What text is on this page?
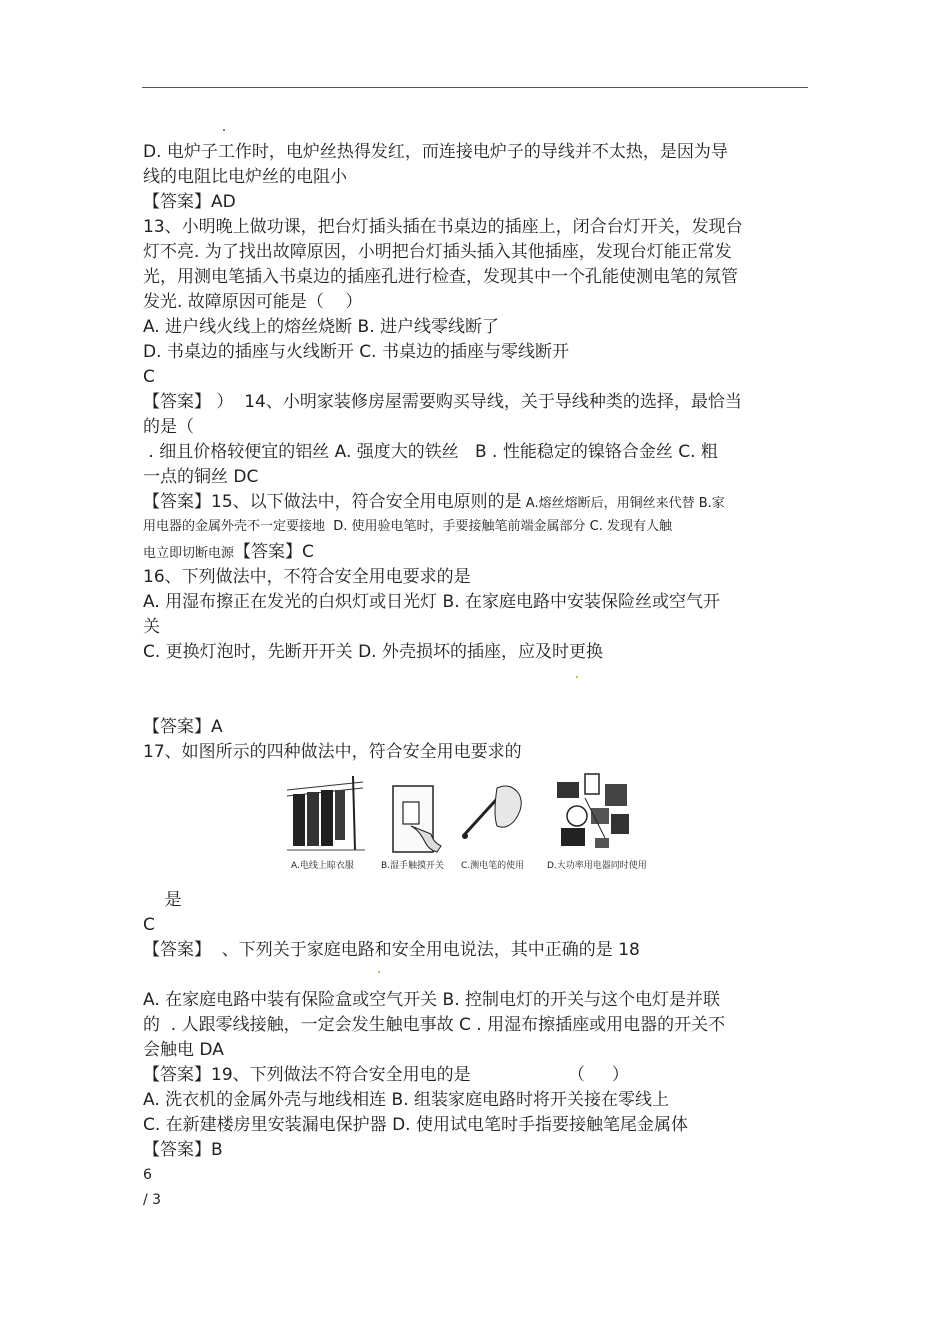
D. 电炉子工作时，电炉丝热得发红，而连接电炉子的导线并不太热，是因为导
线的电阻比电炉丝的电阻小
【答案】AD
13、小明晚上做功课，把台灯插头插在书桌边的插座上，闭合台灯开关，发现台
灯不亮. 为了找出故障原因，小明把台灯插头插入其他插座，发现台灯能正常发
光，用测电笔插入书桌边的插座孔进行检查，发现其中一个孔能使测电笔的氖管
发光. 故障原因可能是（    ）
A. 进户线火线上的熔丝烧断 B. 进户线零线断了
D. 书桌边的插座与火线断开 C. 书桌边的插座与零线断开
C
【答案】 ）  14、小明家装修房屋需要购买导线，关于导线种类的选择，最恰当
的是（
. 细且价格较便宜的铝丝 A. 强度大的铁丝   B . 性能稳定的镍铬合金丝 C. 粗
一点的铜丝 DC
【答案】15、以下做法中，符合安全用电原则的是 A.熔丝熔断后，用铜丝来代替 B.家
用电器的金属外壳不一定要接地  D. 使用验电笔时，手要接触笔前端金属部分 C. 发现有人触
电立即切断电源【答案】C
16、下列做法中，不符合安全用电要求的是
A. 用湿布擦正在发光的白炽灯或日光灯 B. 在家庭电路中安装保险丝或空气开
关
C. 更换灯泡时，先断开开关 D. 外壳损坏的插座，应及时更换
【答案】A
17、如图所示的四种做法中，符合安全用电要求的
A.电线上晾衣服	B.湿手触摸开关 C.测电笔的使用	D.大功率用电器同时使用
是
C
【答案】  、下列关于家庭电路和安全用电说法，其中正确的是 18
A. 在家庭电路中装有保险盒或空气开关 B. 控制电灯的开关与这个电灯是并联
的  . 人跟零线接触，一定会发生触电事故 C . 用湿布擦插座或用电器的开关不
会触电 DA
【答案】19、下列做法不符合安全用电的是                  （     ）
A. 洗衣机的金属外壳与地线相连 B. 组装家庭电路时将开关接在零线上
C. 在新建楼房里安装漏电保护器 D. 使用试电笔时手指要接触笔尾金属体
【答案】B
6
/ 3
